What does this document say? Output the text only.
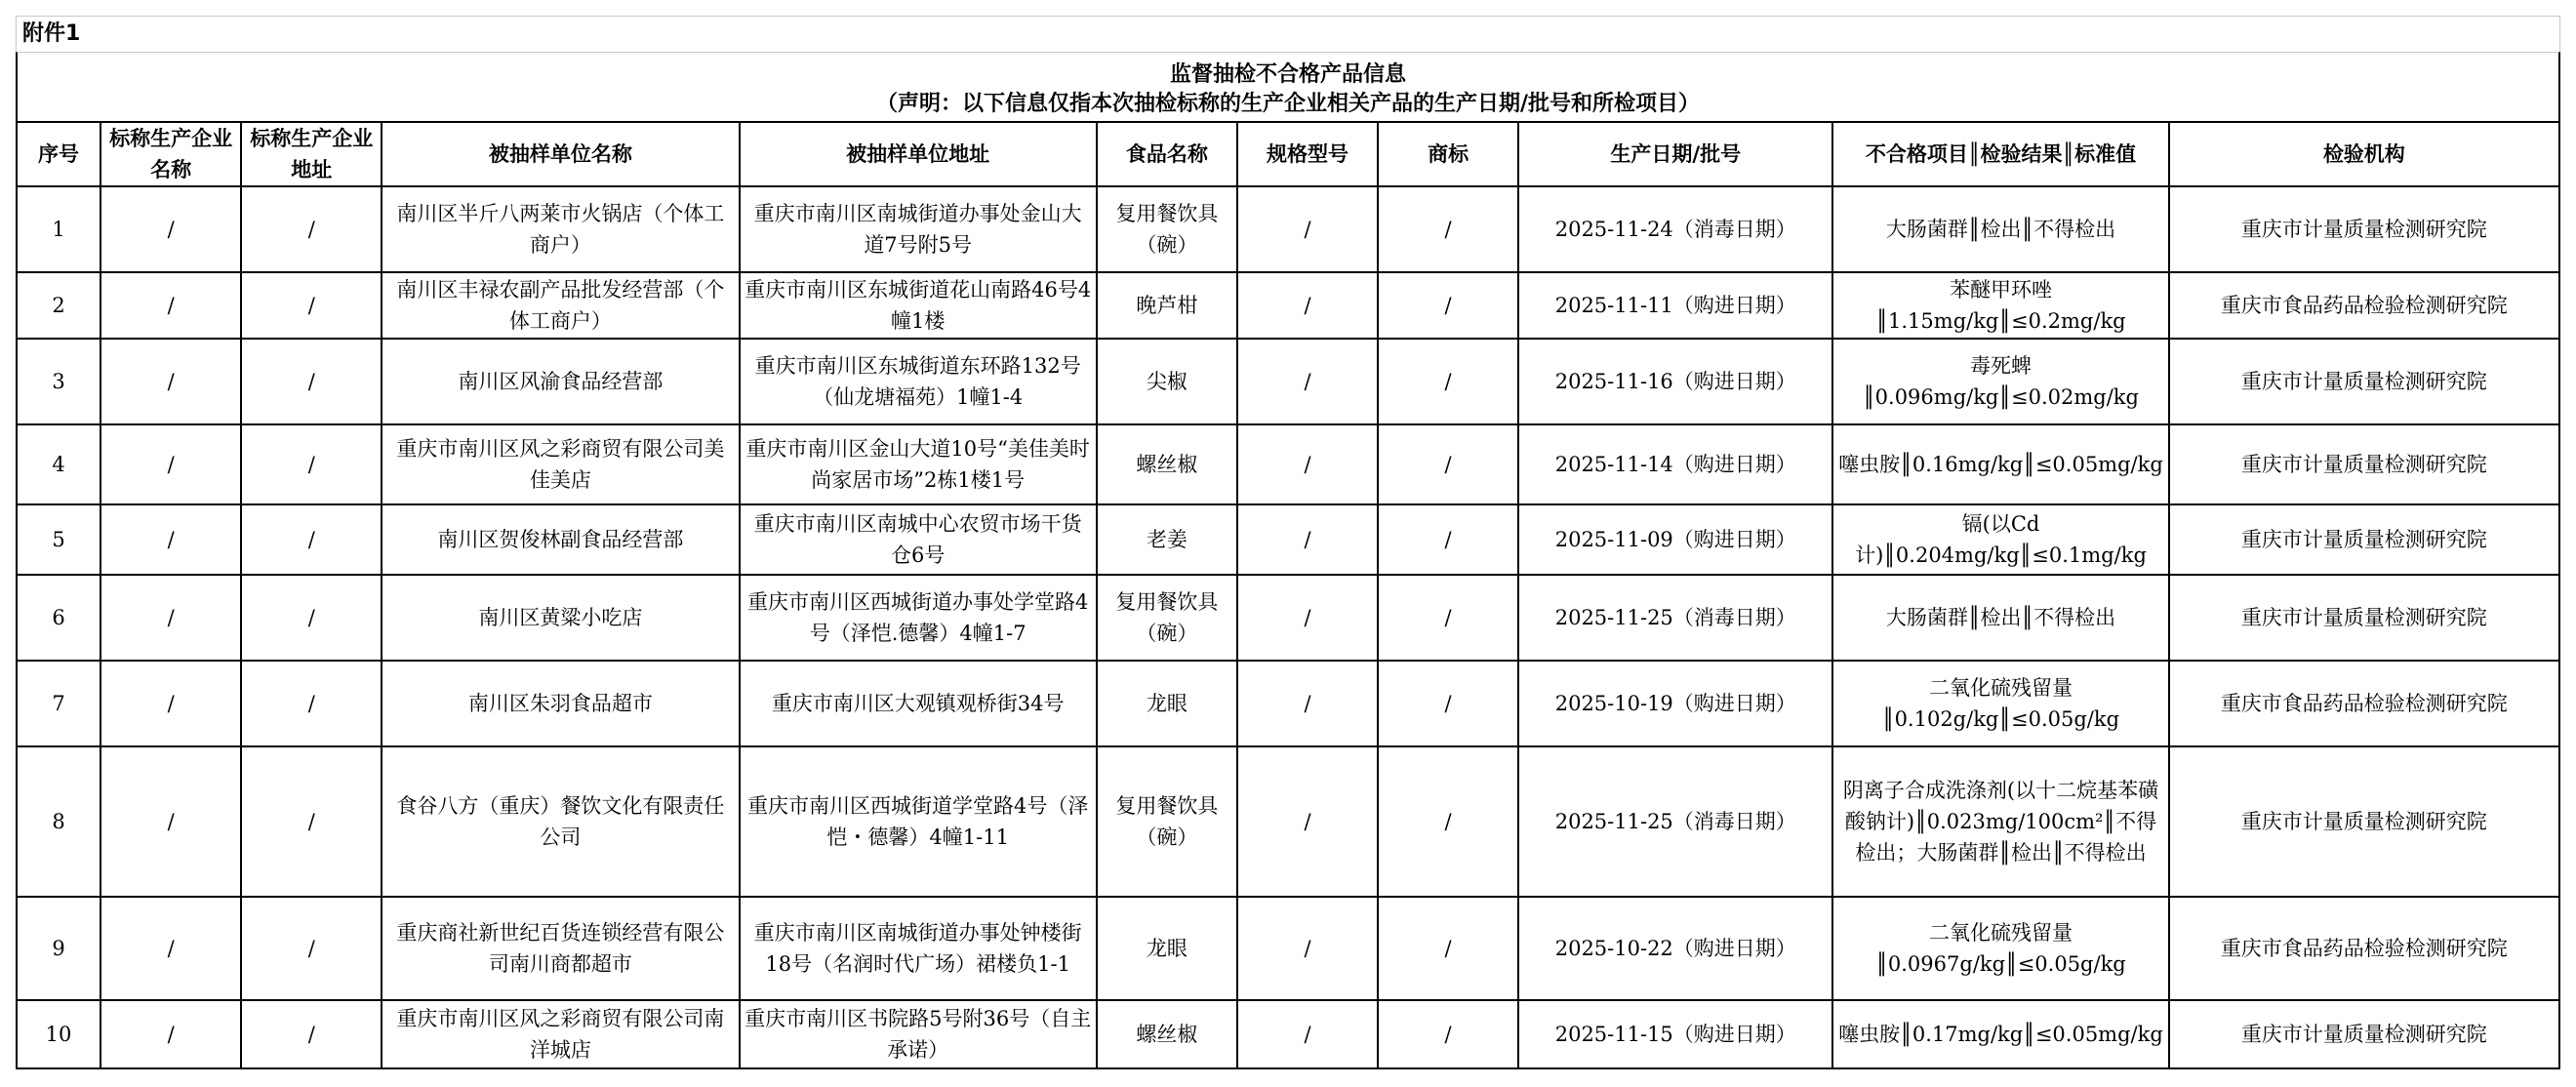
附件1
监督抽检不合格产品信息
（声明：以下信息仅指本次抽检标称的生产企业相关产品的生产日期/批号和所检项目）
序号	标称生产企业名称	标称生产企业地址	被抽样单位名称	被抽样单位地址	食品名称	规格型号	商标	生产日期/批号	不合格项目║检验结果║标准值	检验机构
1	/	/	南川区半斤八两莱市火锅店（个体工商户）	重庆市南川区南城街道办事处金山大道7号附5号	复用餐饮具（碗）	/	/	2025-11-24（消毒日期）	大肠菌群║检出║不得检出	重庆市计量质量检测研究院
2	/	/	南川区丰禄农副产品批发经营部（个体工商户）	重庆市南川区东城街道花山南路46号4幢1楼	晚芦柑	/	/	2025-11-11（购进日期）	苯醚甲环唑║1.15mg/kg║≤0.2mg/kg	重庆市食品药品检验检测研究院
3	/	/	南川区风渝食品经营部	重庆市南川区东城街道东环路132号（仙龙塘福苑）1幢1-4	尖椒	/	/	2025-11-16（购进日期）	毒死蜱║0.096mg/kg║≤0.02mg/kg	重庆市计量质量检测研究院
4	/	/	重庆市南川区风之彩商贸有限公司美佳美店	重庆市南川区金山大道10号“美佳美时尚家居市场”2栋1楼1号	螺丝椒	/	/	2025-11-14（购进日期）	噻虫胺║0.16mg/kg║≤0.05mg/kg	重庆市计量质量检测研究院
5	/	/	南川区贺俊林副食品经营部	重庆市南川区南城中心农贸市场干货仓6号	老姜	/	/	2025-11-09（购进日期）	镉(以Cd计)║0.204mg/kg║≤0.1mg/kg	重庆市计量质量检测研究院
6	/	/	南川区黄粱小吃店	重庆市南川区西城街道办事处学堂路4号（泽恺.德馨）4幢1-7	复用餐饮具（碗）	/	/	2025-11-25（消毒日期）	大肠菌群║检出║不得检出	重庆市计量质量检测研究院
7	/	/	南川区朱羽食品超市	重庆市南川区大观镇观桥街34号	龙眼	/	/	2025-10-19（购进日期）	二氧化硫残留量║0.102g/kg║≤0.05g/kg	重庆市食品药品检验检测研究院
8	/	/	食谷八方（重庆）餐饮文化有限责任公司	重庆市南川区西城街道学堂路4号（泽恺・德馨）4幢1-11	复用餐饮具（碗）	/	/	2025-11-25（消毒日期）	阴离子合成洗涤剂(以十二烷基苯磺酸钠计)║0.023mg/100cm²║不得检出；大肠菌群║检出║不得检出	重庆市计量质量检测研究院
9	/	/	重庆商社新世纪百货连锁经营有限公司南川商都超市	重庆市南川区南城街道办事处钟楼街18号（名润时代广场）裙楼负1-1	龙眼	/	/	2025-10-22（购进日期）	二氧化硫残留量║0.0967g/kg║≤0.05g/kg	重庆市食品药品检验检测研究院
10	/	/	重庆市南川区风之彩商贸有限公司南洋城店	重庆市南川区书院路5号附36号（自主承诺）	螺丝椒	/	/	2025-11-15（购进日期）	噻虫胺║0.17mg/kg║≤0.05mg/kg	重庆市计量质量检测研究院
